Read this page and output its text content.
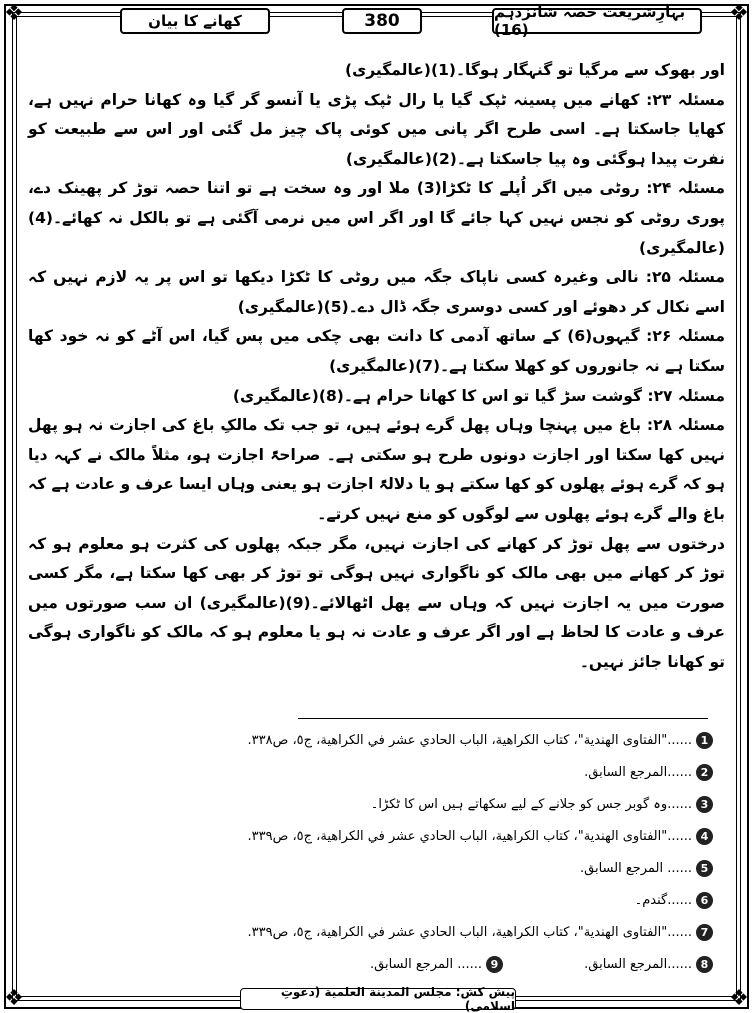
❖	❖
❖	❖
کھانے کا بیان	380	بہارِشریعت حصہ شانزدہم (16)

اور بھوک سے مرگیا تو گنہگار ہوگا۔(1)(عالمگیری)

مسئلہ ۲۳: کھانے میں پسینہ ٹپک گیا یا رال ٹپک پڑی یا آنسو گر گیا وہ کھانا حرام نہیں ہے، کھایا جاسکتا ہے۔ اسی طرح اگر پانی میں کوئی پاک چیز مل گئی اور اس سے طبیعت کو نفرت پیدا ہوگئی وہ پیا جاسکتا ہے۔(2)(عالمگیری)

مسئلہ ۲۴: روٹی میں اگر اُپلے کا ٹکڑا(3) ملا اور وہ سخت ہے تو اتنا حصہ توڑ کر پھینک دے، پوری روٹی کو نجس نہیں کہا جائے گا اور اگر اس میں نرمی آگئی ہے تو بالکل نہ کھائے۔(4)(عالمگیری)

مسئلہ ۲۵: نالی وغیرہ کسی ناپاک جگہ میں روٹی کا ٹکڑا دیکھا تو اس پر یہ لازم نہیں کہ اسے نکال کر دھوئے اور کسی دوسری جگہ ڈال دے۔(5)(عالمگیری)

مسئلہ ۲۶: گیہوں(6) کے ساتھ آدمی کا دانت بھی چکی میں پس گیا، اس آٹے کو نہ خود کھا سکتا ہے نہ جانوروں کو کھلا سکتا ہے۔(7)(عالمگیری)

مسئلہ ۲۷: گوشت سڑ گیا تو اس کا کھانا حرام ہے۔(8)(عالمگیری)

مسئلہ ۲۸: باغ میں پہنچا وہاں پھل گرے ہوئے ہیں، تو جب تک مالکِ باغ کی اجازت نہ ہو پھل نہیں کھا سکتا اور اجازت دونوں طرح ہو سکتی ہے۔ صراحۃً اجازت ہو، مثلاً مالک نے کہہ دیا ہو کہ گرے ہوئے پھلوں کو کھا سکتے ہو یا دلالۃً اجازت ہو یعنی وہاں ایسا عرف و عادت ہے کہ باغ والے گرے ہوئے پھلوں سے لوگوں کو منع نہیں کرتے۔

درختوں سے پھل توڑ کر کھانے کی اجازت نہیں، مگر جبکہ پھلوں کی کثرت ہو معلوم ہو کہ توڑ کر کھانے میں بھی مالک کو ناگواری نہیں ہوگی تو توڑ کر بھی کھا سکتا ہے، مگر کسی صورت میں یہ اجازت نہیں کہ وہاں سے پھل اٹھالائے۔(9)(عالمگیری) ان سب صورتوں میں عرف و عادت کا لحاظ ہے اور اگر عرف و عادت نہ ہو یا معلوم ہو کہ مالک کو ناگواری ہوگی تو کھانا جائز نہیں۔

1
......"الفتاوى الهندية"، كتاب الكراهية، الباب الحادي عشر في الكراهية، ج٥، ص٣٣٨.
2
......المرجع السابق.
3
......وہ گوبر جس کو جلانے کے لیے سکھاتے ہیں اس کا ٹکڑا۔
4
......"الفتاوى الهندية"، كتاب الكراهية، الباب الحادي عشر في الكراهية، ج٥، ص٣٣٩.
5
...... المرجع السابق.
6
......گندم۔
7
......"الفتاوى الهندية"، كتاب الكراهية، الباب الحادي عشر في الكراهية، ج٥، ص٣٣٩.
8
......المرجع السابق.
9
...... المرجع السابق.
پیش کش: مجلس المدينة العلمية (دعوتِ اسلامی)
